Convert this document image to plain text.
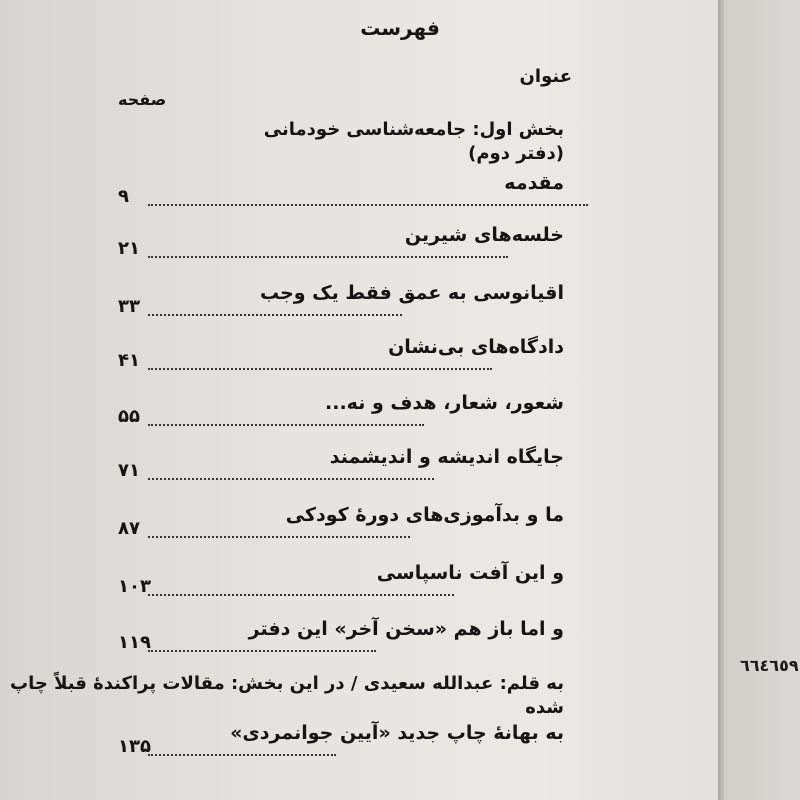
فهرست
عنوان
صفحه
بخش اول: جامعه‌شناسی خودمانی
(دفتر دوم)
مقدمه
۹
خلسه‌های شیرین
۲۱
اقیانوسی به عمق فقط یک وجب
۳۳
دادگاه‌های بی‌نشان
۴۱
شعور، شعار، هدف و نه...
۵۵
جایگاه اندیشه و اندیشمند
۷۱
ما و بدآموزی‌های دورهٔ کودکی
۸۷
و این آفت ناسپاسی
۱۰۳
و اما باز هم «سخن آخر» این دفتر
۱۱۹
به قلم: عبدالله سعیدی / در این بخش: مقالات پراکندهٔ قبلاً چاپ شده
به بهانهٔ چاپ جدید «آیین جوانمردی»
۱۳۵
٦٦٤٦٥٩
